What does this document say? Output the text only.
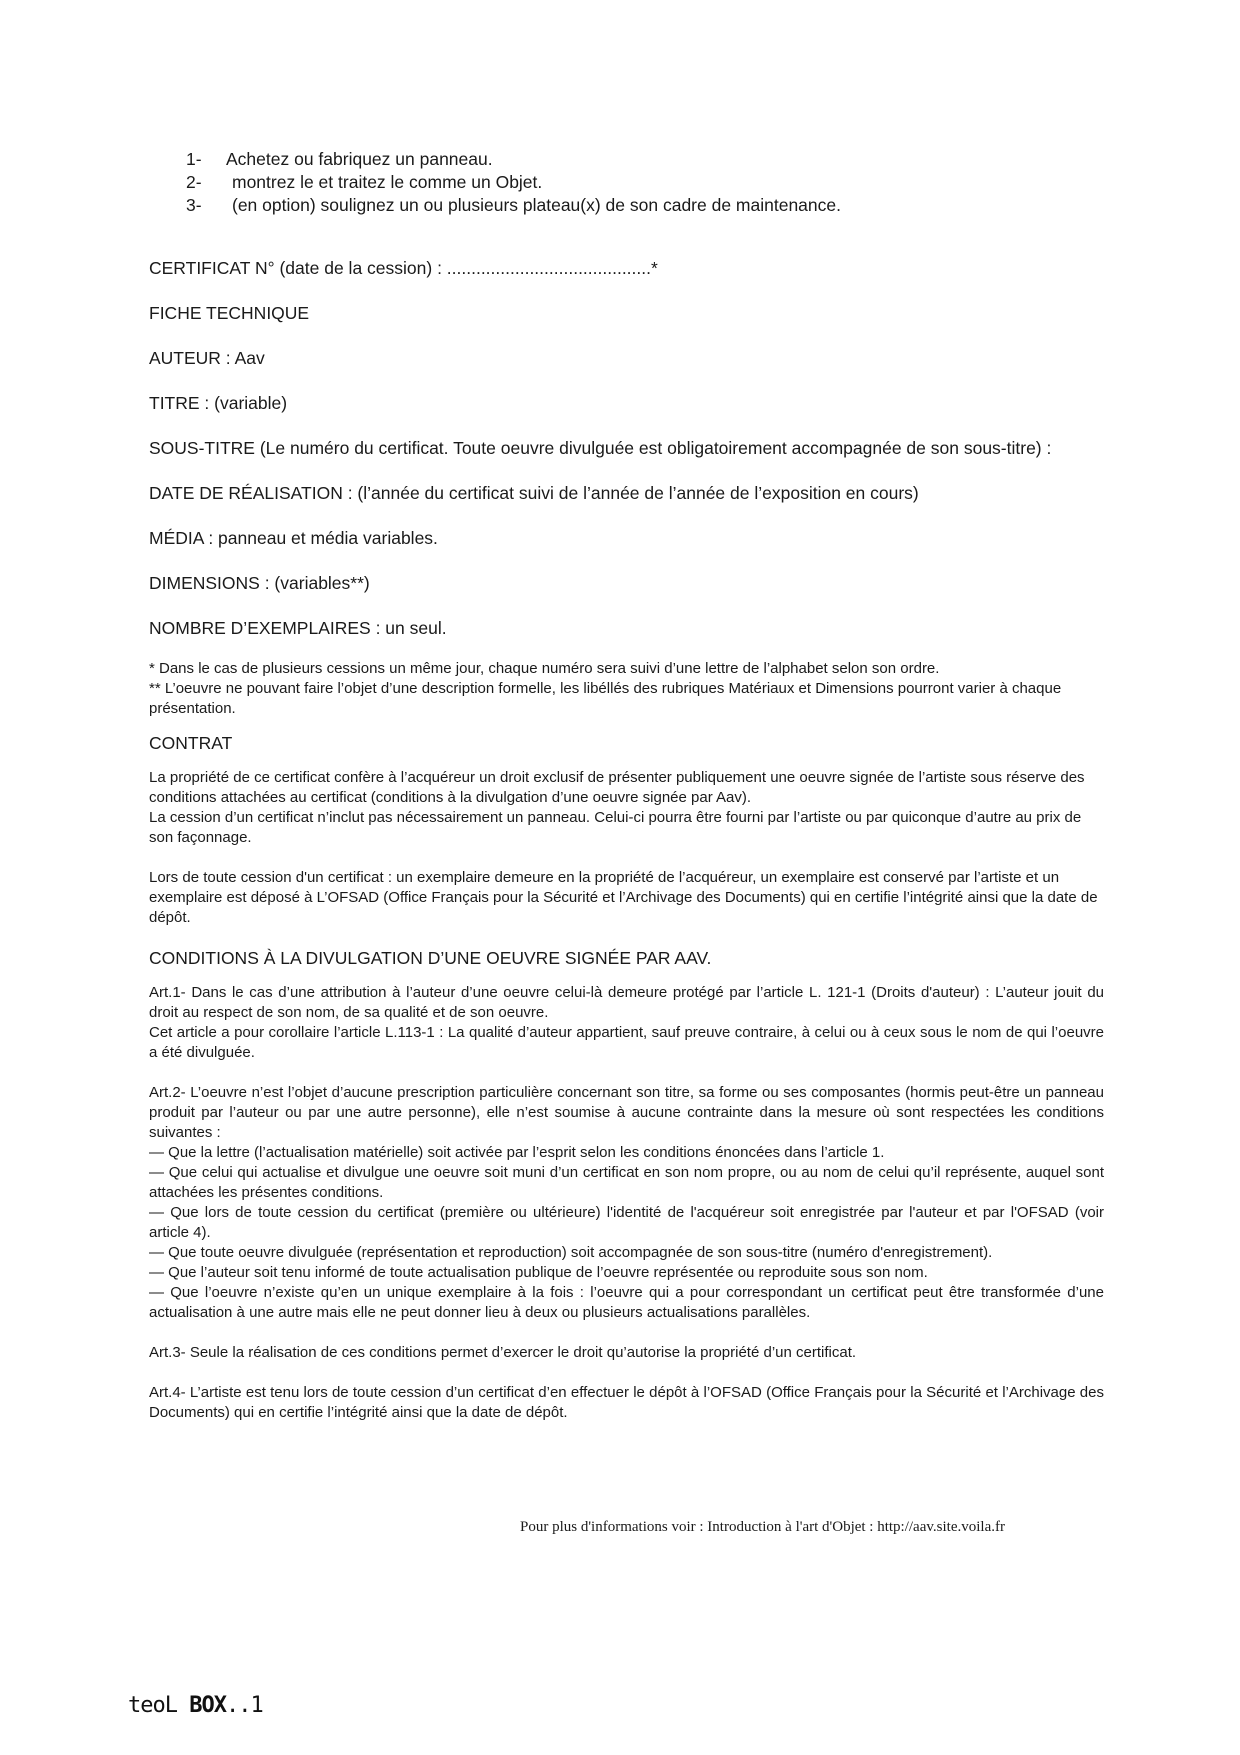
1- Achetez ou fabriquez un panneau.
2- montrez le et traitez le comme un Objet.
3- (en option) soulignez un ou plusieurs plateau(x) de son cadre de maintenance.
CERTIFICAT N° (date de la cession) : ..........................................*
FICHE TECHNIQUE
AUTEUR : Aav
TITRE : (variable)
SOUS-TITRE (Le numéro du certificat. Toute oeuvre divulguée est obligatoirement accompagnée de son sous-titre) :
DATE DE RÉALISATION : (l’année du certificat suivi de l’année de l’année de l’exposition en cours)
MÉDIA : panneau et média variables.
DIMENSIONS : (variables**)
NOMBRE D’EXEMPLAIRES : un seul.
* Dans le cas de plusieurs cessions un même jour, chaque numéro sera suivi d’une lettre de l’alphabet selon son ordre.
** L’oeuvre ne pouvant faire l’objet d’une description formelle, les libéllés des rubriques Matériaux et Dimensions pourront varier à chaque présentation.
CONTRAT
La propriété de ce certificat confère à l’acquéreur un droit exclusif de présenter publiquement une oeuvre signée de l’artiste sous réserve des conditions attachées au certificat (conditions à la divulgation d’une oeuvre signée par Aav).
La cession d’un certificat n’inclut pas nécessairement un panneau. Celui-ci pourra être fourni par l’artiste ou par quiconque d’autre au prix de son façonnage.
Lors de toute cession d'un certificat : un exemplaire demeure en la propriété de l’acquéreur, un exemplaire est conservé par l’artiste et un exemplaire est déposé à L’OFSAD (Office Français pour la Sécurité et l’Archivage des Documents) qui en certifie l’intégrité ainsi que la date de dépôt.
CONDITIONS À LA DIVULGATION D’UNE OEUVRE SIGNÉE PAR AAV.
Art.1- Dans le cas d’une attribution à l’auteur d’une oeuvre celui-là demeure protégé par l’article L. 121-1 (Droits d'auteur) : L’auteur jouit du droit au respect de son nom, de sa qualité et de son oeuvre.
Cet article a pour corollaire l’article L.113-1 : La qualité d’auteur appartient, sauf preuve contraire, à celui ou à ceux sous le nom de qui l’oeuvre a été divulguée.
Art.2- L’oeuvre n’est l’objet d’aucune prescription particulière concernant son titre, sa forme ou ses composantes (hormis peut-être un panneau produit par l’auteur ou par une autre personne), elle n’est soumise à aucune contrainte dans la mesure où sont respectées les conditions suivantes :
— Que la lettre (l’actualisation matérielle) soit activée par l’esprit selon les conditions énoncées dans l’article 1.
— Que celui qui actualise et divulgue une oeuvre soit muni d’un certificat en son nom propre, ou au nom de celui qu’il représente, auquel sont attachées les présentes conditions.
— Que lors de toute cession du certificat (première ou ultérieure) l'identité de l'acquéreur soit enregistrée par l'auteur et par l'OFSAD (voir article 4).
— Que toute oeuvre divulguée (représentation et reproduction) soit accompagnée de son sous-titre (numéro d'enregistrement).
— Que l’auteur soit tenu informé de toute actualisation publique de l’oeuvre représentée ou reproduite sous son nom.
— Que l’oeuvre n’existe qu’en un unique exemplaire à la fois : l’oeuvre qui a pour correspondant un certificat peut être transformée d’une actualisation à une autre mais elle ne peut donner lieu à deux ou plusieurs actualisations parallèles.
Art.3- Seule la réalisation de ces conditions permet d’exercer le droit qu’autorise la propriété d’un certificat.
Art.4- L’artiste est tenu lors de toute cession d’un certificat d’en effectuer le dépôt à l’OFSAD (Office Français pour la Sécurité et l’Archivage des Documents) qui en certifie l’intégrité ainsi que la date de dépôt.
Pour plus d'informations voir : Introduction à l'art d'Objet : http://aav.site.voila.fr
teoL BOX..1
